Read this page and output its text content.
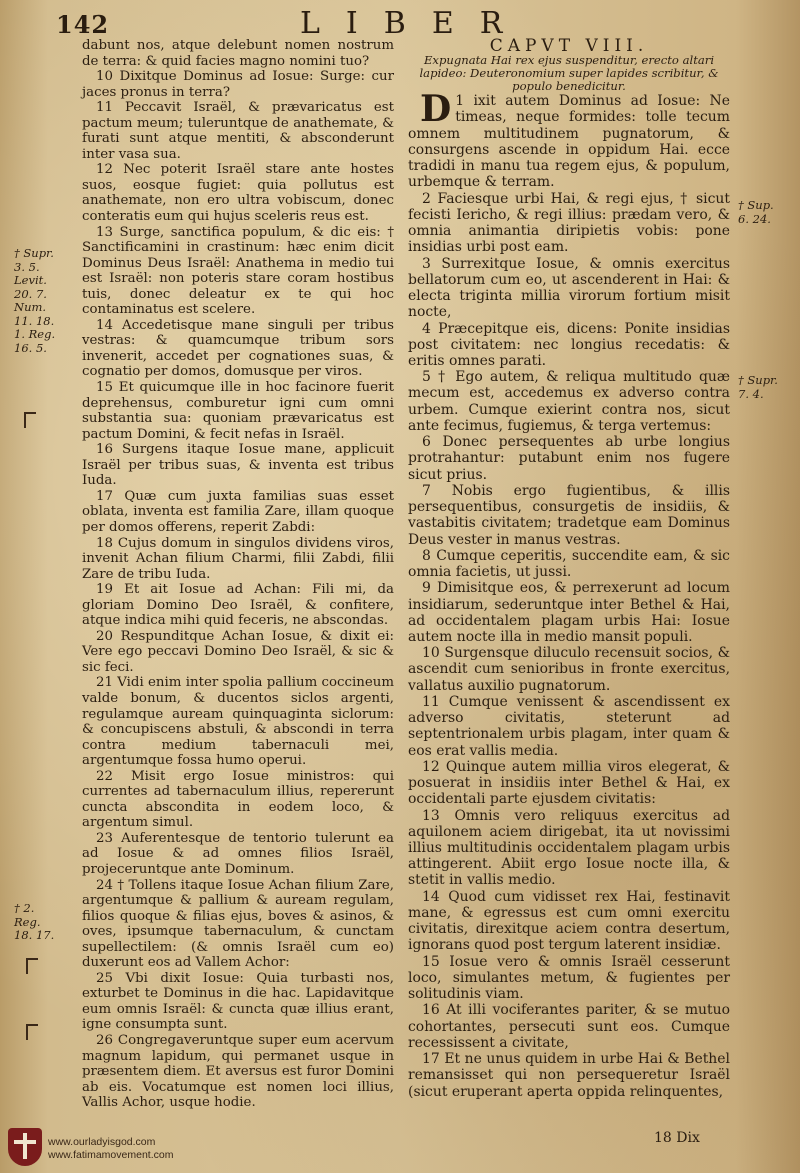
142	LIBER
† Supr.
3. 5.
Levit.
20. 7.
Num.
11. 18.
1. Reg.
16. 5.
† 2. Reg.
18. 17.
† Sup.
6. 24.
† Supr.
7. 4.

dabunt nos, atque delebunt nomen nostrum de terra: & quid facies magno nomini tuo?

10 Dixitque Dominus ad Iosue: Surge: cur jaces pronus in terra?

11 Peccavit Israël, & prævaricatus est pactum meum; tuleruntque de anathemate, & furati sunt atque mentiti, & absconderunt inter vasa sua.

12 Nec poterit Israël stare ante hostes suos, eosque fugiet: quia pollutus est anathemate, non ero ultra vobiscum, donec conteratis eum qui hujus sceleris reus est.

13 Surge, sanctifica populum, & dic eis: † Sanctificamini in crastinum: hæc enim dicit Dominus Deus Israël: Anathema in medio tui est Israël: non poteris stare coram hostibus tuis, donec deleatur ex te qui hoc contaminatus est scelere.

14 Accedetisque mane singuli per tribus vestras: & quamcumque tribum sors invenerit, accedet per cognationes suas, & cognatio per domos, domusque per viros.

15 Et quicumque ille in hoc facinore fuerit deprehensus, comburetur igni cum omni substantia sua: quoniam prævaricatus est pactum Domini, & fecit nefas in Israël.

16 Surgens itaque Iosue mane, applicuit Israël per tribus suas, & inventa est tribus Iuda.

17 Quæ cum juxta familias suas esset oblata, inventa est familia Zare, illam quoque per domos offerens, reperit Zabdi:

18 Cujus domum in singulos dividens viros, invenit Achan filium Charmi, filii Zabdi, filii Zare de tribu Iuda.

19 Et ait Iosue ad Achan: Fili mi, da gloriam Domino Deo Israël, & confitere, atque indica mihi quid feceris, ne abscondas.

20 Respunditque Achan Iosue, & dixit ei: Vere ego peccavi Domino Deo Israël, & sic & sic feci.

21 Vidi enim inter spolia pallium coccineum valde bonum, & ducentos siclos argenti, regulamque auream quinquaginta siclorum: & concupiscens abstuli, & abscondi in terra contra medium tabernaculi mei, argentumque fossa humo operui.

22 Misit ergo Iosue ministros: qui currentes ad tabernaculum illius, repererunt cuncta abscondita in eodem loco, & argentum simul.

23 Auferentesque de tentorio tulerunt ea ad Iosue & ad omnes filios Israël, projeceruntque ante Dominum.

24 † Tollens itaque Iosue Achan filium Zare, argentumque & pallium & auream regulam, filios quoque & filias ejus, boves & asinos, & oves, ipsumque tabernaculum, & cunctam supellectilem: (& omnis Israël cum eo) duxerunt eos ad Vallem Achor:

25 Vbi dixit Iosue: Quia turbasti nos, exturbet te Dominus in die hac. Lapidavitque eum omnis Israël: & cuncta quæ illius erant, igne consumpta sunt.

26 Congregaveruntque super eum acervum magnum lapidum, qui permanet usque in præsentem diem. Et aversus est furor Domini ab eis. Vocatumque est nomen loci illius, Vallis Achor, usque hodie.

CAPVT VIII.

Expugnata Hai rex ejus suspenditur, erecto altari lapideo: Deuteronomium super lapides scribitur, & populo benedicitur.

D 1 ixit autem Dominus ad Iosue: Ne timeas, neque formides: tolle tecum omnem multitudinem pugnatorum, & consurgens ascende in oppidum Hai. ecce tradidi in manu tua regem ejus, & populum, urbemque & terram.

2 Faciesque urbi Hai, & regi ejus, † sicut fecisti Iericho, & regi illius: prædam vero, & omnia animantia diripietis vobis: pone insidias urbi post eam.

3 Surrexitque Iosue, & omnis exercitus bellatorum cum eo, ut ascenderent in Hai: & electa triginta millia virorum fortium misit nocte,

4 Præcepitque eis, dicens: Ponite insidias post civitatem: nec longius recedatis: & eritis omnes parati.

5 † Ego autem, & reliqua multitudo quæ mecum est, accedemus ex adverso contra urbem. Cumque exierint contra nos, sicut ante fecimus, fugiemus, & terga vertemus:

6 Donec persequentes ab urbe longius protrahantur: putabunt enim nos fugere sicut prius.

7 Nobis ergo fugientibus, & illis persequentibus, consurgetis de insidiis, & vastabitis civitatem; tradetque eam Dominus Deus vester in manus vestras.

8 Cumque ceperitis, succendite eam, & sic omnia facietis, ut jussi.

9 Dimisitque eos, & perrexerunt ad locum insidiarum, sederuntque inter Bethel & Hai, ad occidentalem plagam urbis Hai: Iosue autem nocte illa in medio mansit populi.

10 Surgensque diluculo recensuit socios, & ascendit cum senioribus in fronte exercitus, vallatus auxilio pugnatorum.

11 Cumque venissent & ascendissent ex adverso civitatis, steterunt ad septentrionalem urbis plagam, inter quam & eos erat vallis media.

12 Quinque autem millia viros elegerat, & posuerat in insidiis inter Bethel & Hai, ex occidentali parte ejusdem civitatis:

13 Omnis vero reliquus exercitus ad aquilonem aciem dirigebat, ita ut novissimi illius multitudinis occidentalem plagam urbis attingerent. Abiit ergo Iosue nocte illa, & stetit in vallis medio.

14 Quod cum vidisset rex Hai, festinavit mane, & egressus est cum omni exercitu civitatis, direxitque aciem contra desertum, ignorans quod post tergum laterent insidiæ.

15 Iosue vero & omnis Israël cesserunt loco, simulantes metum, & fugientes per solitudinis viam.

16 At illi vociferantes pariter, & se mutuo cohortantes, persecuti sunt eos. Cumque recessissent a civitate,

17 Et ne unus quidem in urbe Hai & Bethel remansisset qui non persequeretur Israël (sicut eruperant aperta oppida relinquentes,

www.ourladyisgod.com
www.fatimamovement.com
18 Dix
